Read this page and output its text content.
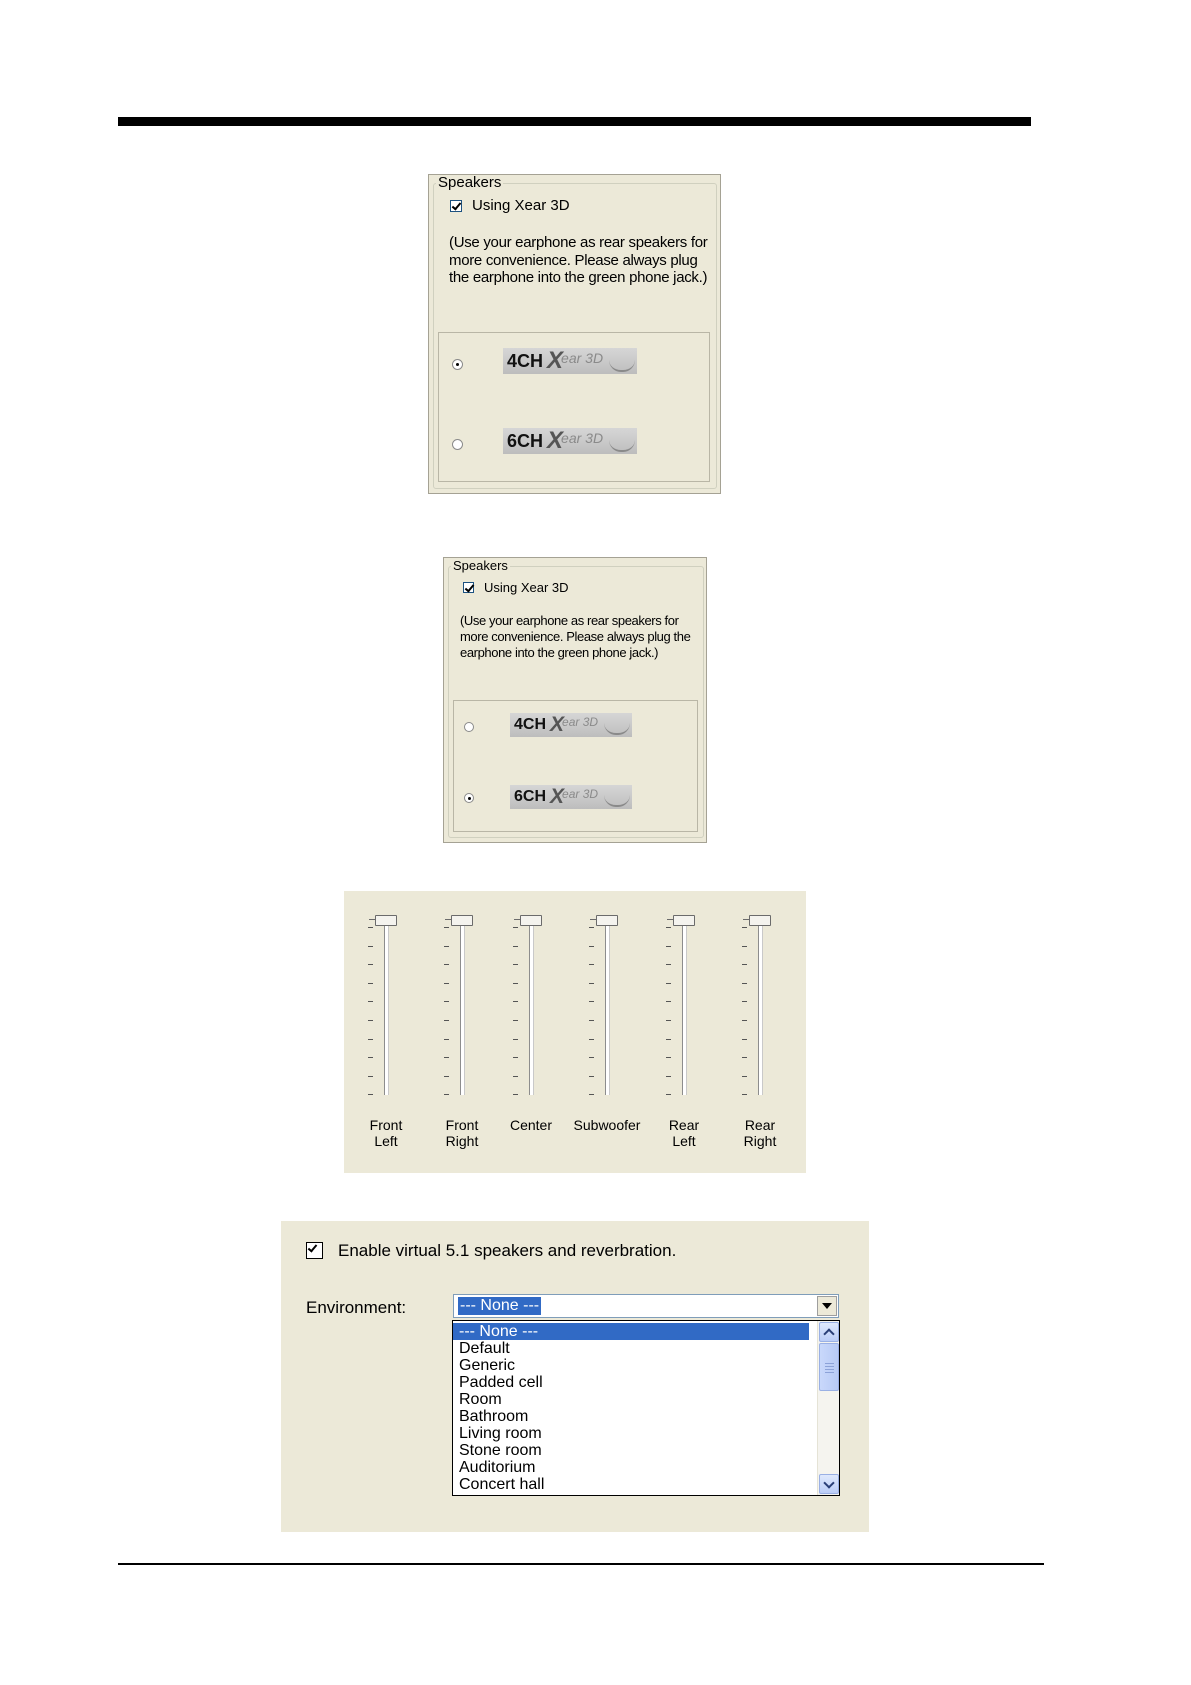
Speakers
Using Xear 3D
(Use your earphone as rear speakers for more convenience. Please always plug the earphone into the green phone jack.)
4CH X
ear 3D
6CH X
ear 3D
Speakers
Using Xear 3D
(Use your earphone as rear speakers for more convenience. Please always plug the earphone into the green phone jack.)
4CH X
ear 3D
6CH X
ear 3D
Front
Left
Front
Right
Center	Subwoofer	Rear
Left
Rear
Right
Enable virtual 5.1 speakers and reverbration.
Environment:	--- None ---
--- None ---
Default
Generic
Padded cell
Room
Bathroom
Living room
Stone room
Auditorium
Concert hall
